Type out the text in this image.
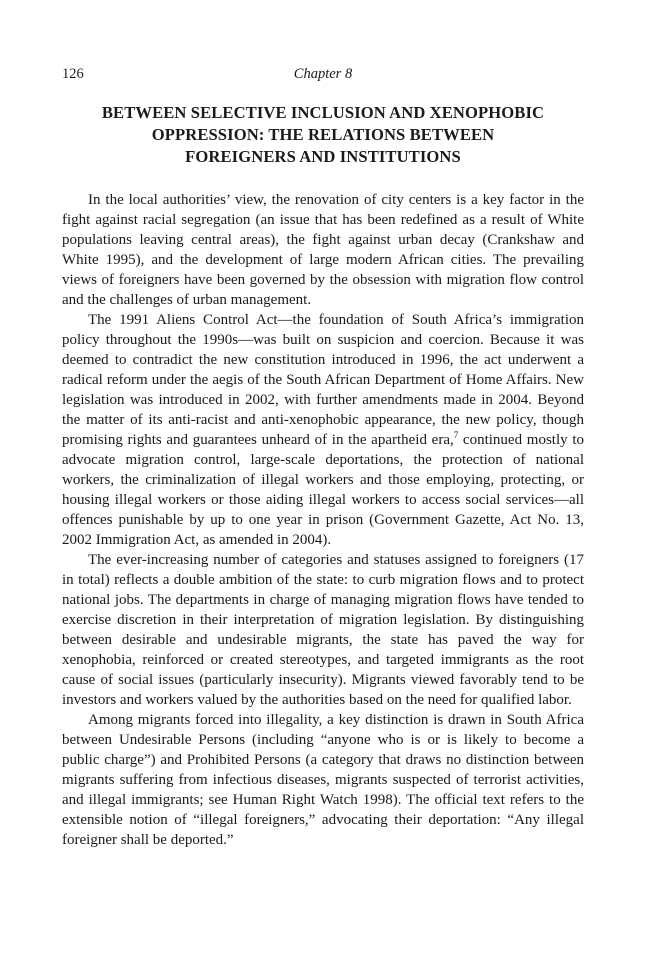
126	Chapter 8
BETWEEN SELECTIVE INCLUSION AND XENOPHOBIC
OPPRESSION: THE RELATIONS BETWEEN
FOREIGNERS AND INSTITUTIONS

In the local authorities’ view, the renovation of city centers is a key factor in the fight against racial segregation (an issue that has been redefined as a result of White populations leaving central areas), the fight against urban decay (Crankshaw and White 1995), and the development of large modern African cities. The prevailing views of foreigners have been governed by the obsession with migration flow control and the challenges of urban management.

The 1991 Aliens Control Act—the foundation of South Africa’s immigration policy throughout the 1990s—was built on suspicion and coercion. Because it was deemed to contradict the new constitution introduced in 1996, the act underwent a radical reform under the aegis of the South African Department of Home Affairs. New legislation was introduced in 2002, with further amendments made in 2004. Beyond the matter of its anti-racist and anti-xenophobic appearance, the new policy, though promising rights and guarantees unheard of in the apartheid era,$^7$ continued mostly to advocate migration control, large-scale deportations, the protection of national workers, the criminalization of illegal workers and those employing, protecting, or housing illegal workers or those aiding illegal workers to access social services—all offences punishable by up to one year in prison (Government Gazette, Act No. 13, 2002 Immigration Act, as amended in 2004).

The ever-increasing number of categories and statuses assigned to foreigners (17 in total) reflects a double ambition of the state: to curb migration flows and to protect national jobs. The departments in charge of managing migration flows have tended to exercise discretion in their interpretation of migration legislation. By distinguishing between desirable and undesirable migrants, the state has paved the way for xenophobia, reinforced or created stereotypes, and targeted immigrants as the root cause of social issues (particularly insecurity). Migrants viewed favorably tend to be investors and workers valued by the authorities based on the need for qualified labor.

Among migrants forced into illegality, a key distinction is drawn in South Africa between Undesirable Persons (including “anyone who is or is likely to become a public charge”) and Prohibited Persons (a category that draws no distinction between migrants suffering from infectious diseases, migrants suspected of terrorist activities, and illegal immigrants; see Human Right Watch 1998). The official text refers to the extensible notion of “illegal foreigners,” advocating their deportation: “Any illegal foreigner shall be deported.”
